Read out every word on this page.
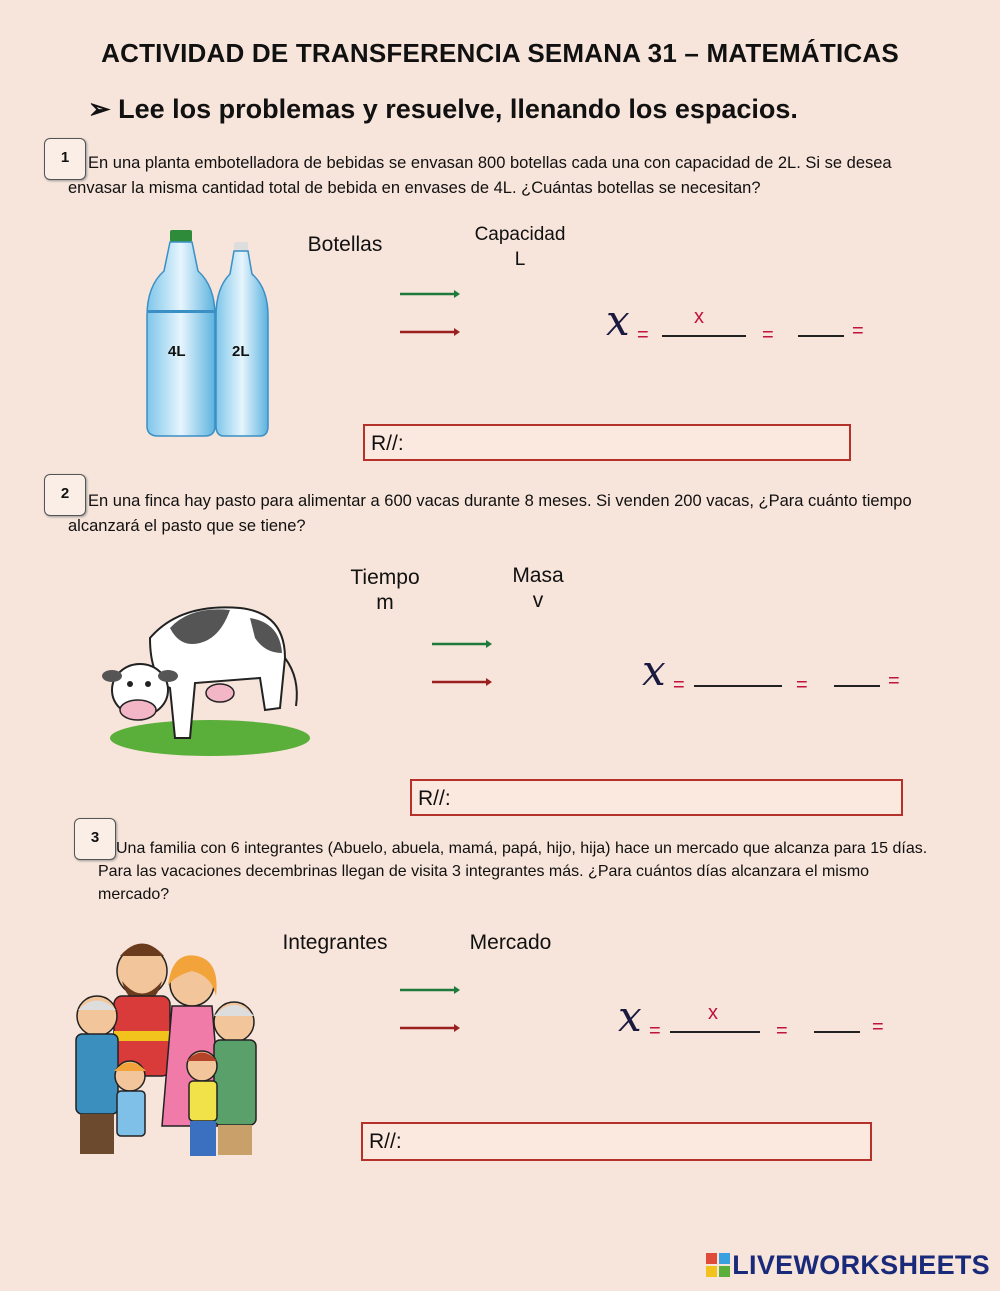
ACTIVIDAD DE TRANSFERENCIA SEMANA 31 – MATEMÁTICAS
➢ Lee los problemas y resuelve, llenando los espacios.
1	En una planta embotelladora de bebidas se envasan 800 botellas cada una con capacidad de 2L. Si se desea
envasar la misma cantidad total de bebida en envases de 4L. ¿Cuántas botellas se necesitan?
4L	2L
Botellas	Capacidad
L
x =
x
=	=
R//:
2	En una finca hay pasto para alimentar a 600 vacas durante 8 meses. Si venden 200 vacas, ¿Para cuánto tiempo
alcanzará el pasto que se tiene?
Tiempo
m
Masa
v
x =	=	=
R//:
3
Una familia con 6 integrantes (Abuelo, abuela, mamá, papá, hijo, hija) hace un mercado que alcanza para 15 días.
Para las vacaciones decembrinas llegan de visita 3 integrantes más. ¿Para cuántos días alcanzara el mismo
mercado?
Integrantes	Mercado
x =
x
=	=
R//:
LIVEWORKSHEETS
